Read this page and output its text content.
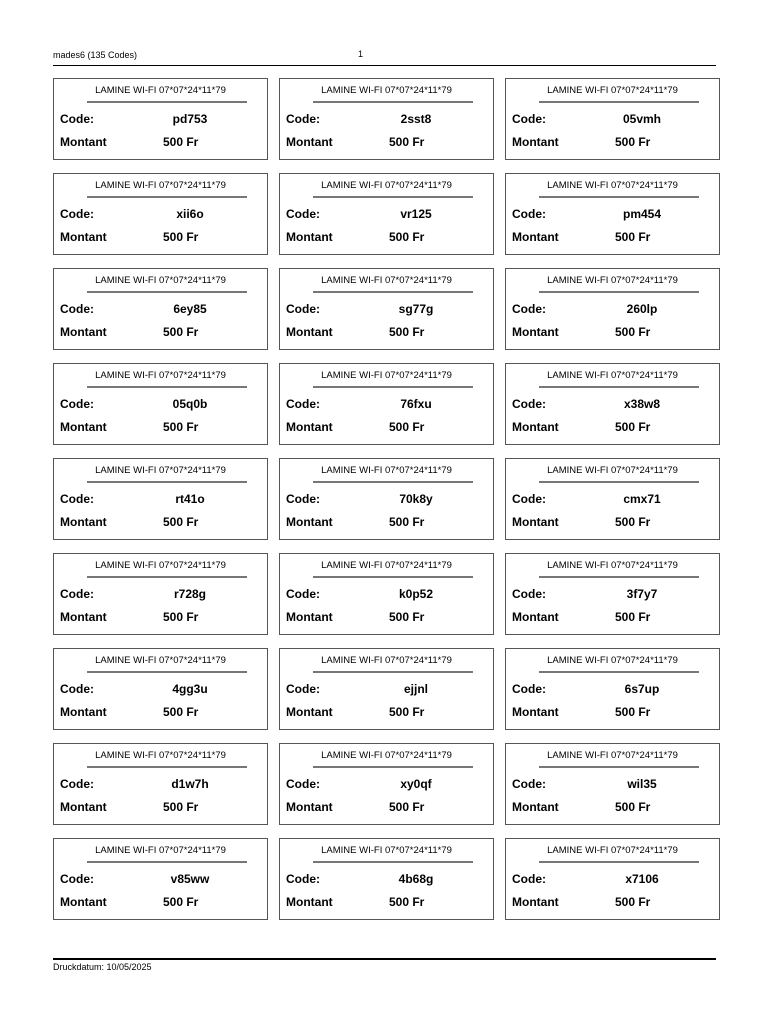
mades6 (135 Codes)	1
LAMINE WI-FI 07*07*24*11*79
Code:	pd753
Montant	500 Fr
LAMINE WI-FI 07*07*24*11*79
Code:	2sst8
Montant	500 Fr
LAMINE WI-FI 07*07*24*11*79
Code:	05vmh
Montant	500 Fr
LAMINE WI-FI 07*07*24*11*79
Code:	xii6o
Montant	500 Fr
LAMINE WI-FI 07*07*24*11*79
Code:	vr125
Montant	500 Fr
LAMINE WI-FI 07*07*24*11*79
Code:	pm454
Montant	500 Fr
LAMINE WI-FI 07*07*24*11*79
Code:	6ey85
Montant	500 Fr
LAMINE WI-FI 07*07*24*11*79
Code:	sg77g
Montant	500 Fr
LAMINE WI-FI 07*07*24*11*79
Code:	260lp
Montant	500 Fr
LAMINE WI-FI 07*07*24*11*79
Code:	05q0b
Montant	500 Fr
LAMINE WI-FI 07*07*24*11*79
Code:	76fxu
Montant	500 Fr
LAMINE WI-FI 07*07*24*11*79
Code:	x38w8
Montant	500 Fr
LAMINE WI-FI 07*07*24*11*79
Code:	rt41o
Montant	500 Fr
LAMINE WI-FI 07*07*24*11*79
Code:	70k8y
Montant	500 Fr
LAMINE WI-FI 07*07*24*11*79
Code:	cmx71
Montant	500 Fr
LAMINE WI-FI 07*07*24*11*79
Code:	r728g
Montant	500 Fr
LAMINE WI-FI 07*07*24*11*79
Code:	k0p52
Montant	500 Fr
LAMINE WI-FI 07*07*24*11*79
Code:	3f7y7
Montant	500 Fr
LAMINE WI-FI 07*07*24*11*79
Code:	4gg3u
Montant	500 Fr
LAMINE WI-FI 07*07*24*11*79
Code:	ejjnl
Montant	500 Fr
LAMINE WI-FI 07*07*24*11*79
Code:	6s7up
Montant	500 Fr
LAMINE WI-FI 07*07*24*11*79
Code:	d1w7h
Montant	500 Fr
LAMINE WI-FI 07*07*24*11*79
Code:	xy0qf
Montant	500 Fr
LAMINE WI-FI 07*07*24*11*79
Code:	wil35
Montant	500 Fr
LAMINE WI-FI 07*07*24*11*79
Code:	v85ww
Montant	500 Fr
LAMINE WI-FI 07*07*24*11*79
Code:	4b68g
Montant	500 Fr
LAMINE WI-FI 07*07*24*11*79
Code:	x7106
Montant	500 Fr
Druckdatum: 10/05/2025
